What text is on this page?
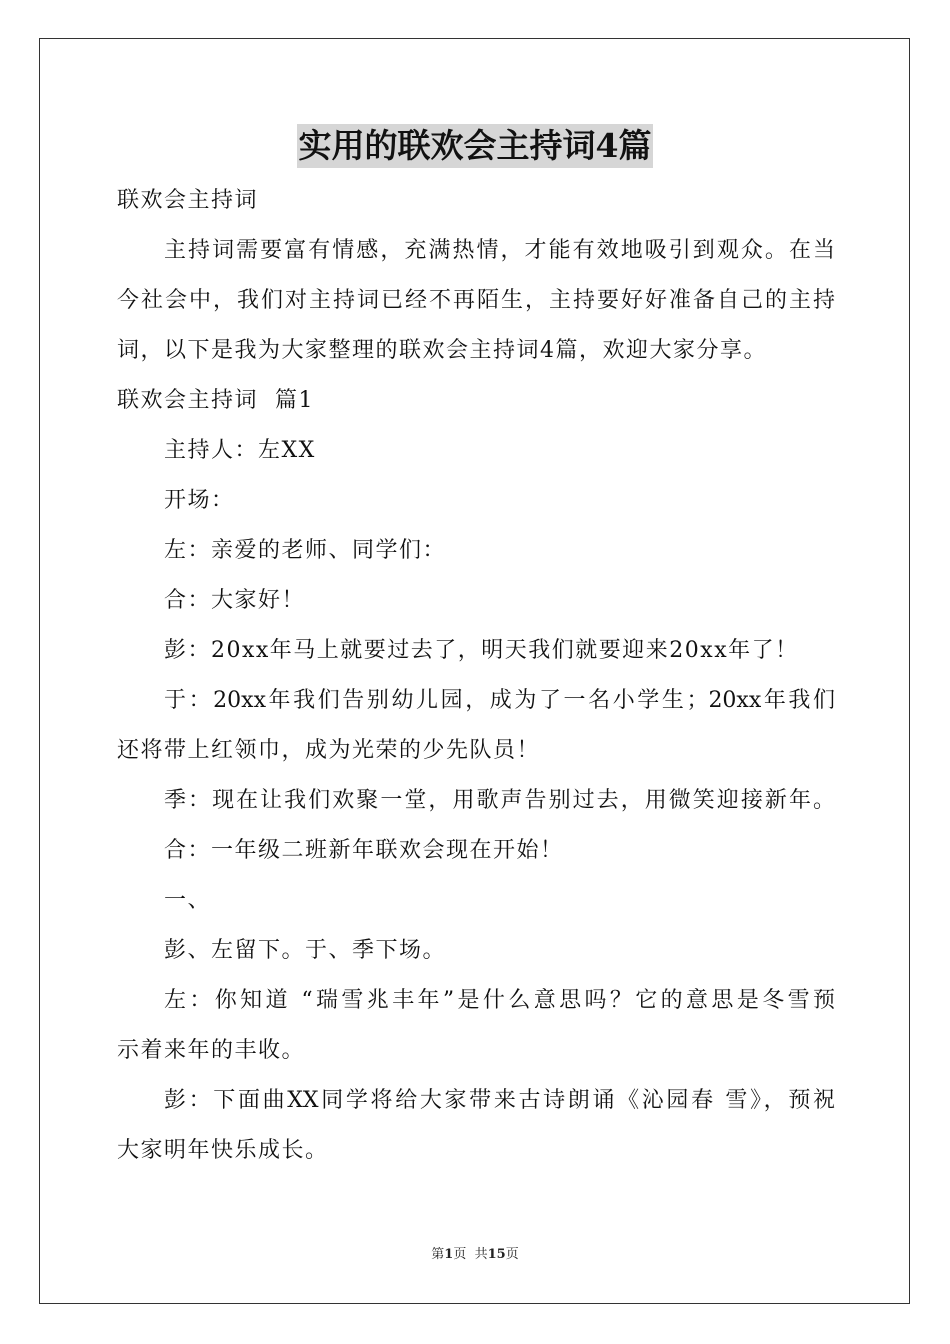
实用的联欢会主持词4篇
联欢会主持词
主持词需要富有情感，充满热情，才能有效地吸引到观众。在当
今社会中，我们对主持词已经不再陌生，主持要好好准备自己的主持
词，以下是我为大家整理的联欢会主持词4篇，欢迎大家分享。
联欢会主持词  篇1
主持人：左XX
开场：
左：亲爱的老师、同学们：
合：大家好！
彭：20xx年马上就要过去了，明天我们就要迎来20xx年了！
于：20xx年我们告别幼儿园，成为了一名小学生；20xx年我们
还将带上红领巾，成为光荣的少先队员！
季：现在让我们欢聚一堂，用歌声告别过去，用微笑迎接新年。
合：一年级二班新年联欢会现在开始！
一、
彭、左留下。于、季下场。
左：你知道 “瑞雪兆丰年”是什么意思吗？它的意思是冬雪预
示着来年的丰收。
彭：下面曲XX同学将给大家带来古诗朗诵《沁园春 雪》，预祝
大家明年快乐成长。
第1页  共15页
